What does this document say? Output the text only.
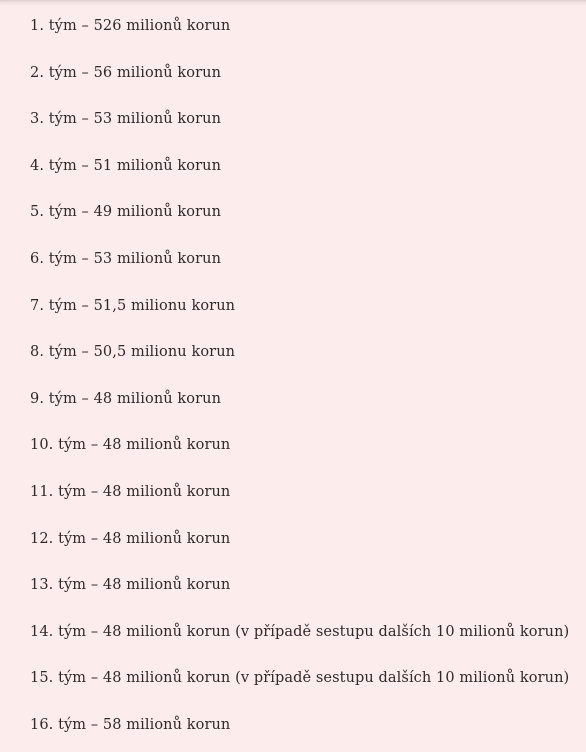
1. tým – 526 milionů korun
2. tým – 56 milionů korun
3. tým – 53 milionů korun
4. tým – 51 milionů korun
5. tým – 49 milionů korun
6. tým – 53 milionů korun
7. tým – 51,5 milionu korun
8. tým – 50,5 milionu korun
9. tým – 48 milionů korun
10. tým – 48 milionů korun
11. tým – 48 milionů korun
12. tým – 48 milionů korun
13. tým – 48 milionů korun
14. tým – 48 milionů korun (v případě sestupu dalších 10 milionů korun)
15. tým – 48 milionů korun (v případě sestupu dalších 10 milionů korun)
16. tým – 58 milionů korun
